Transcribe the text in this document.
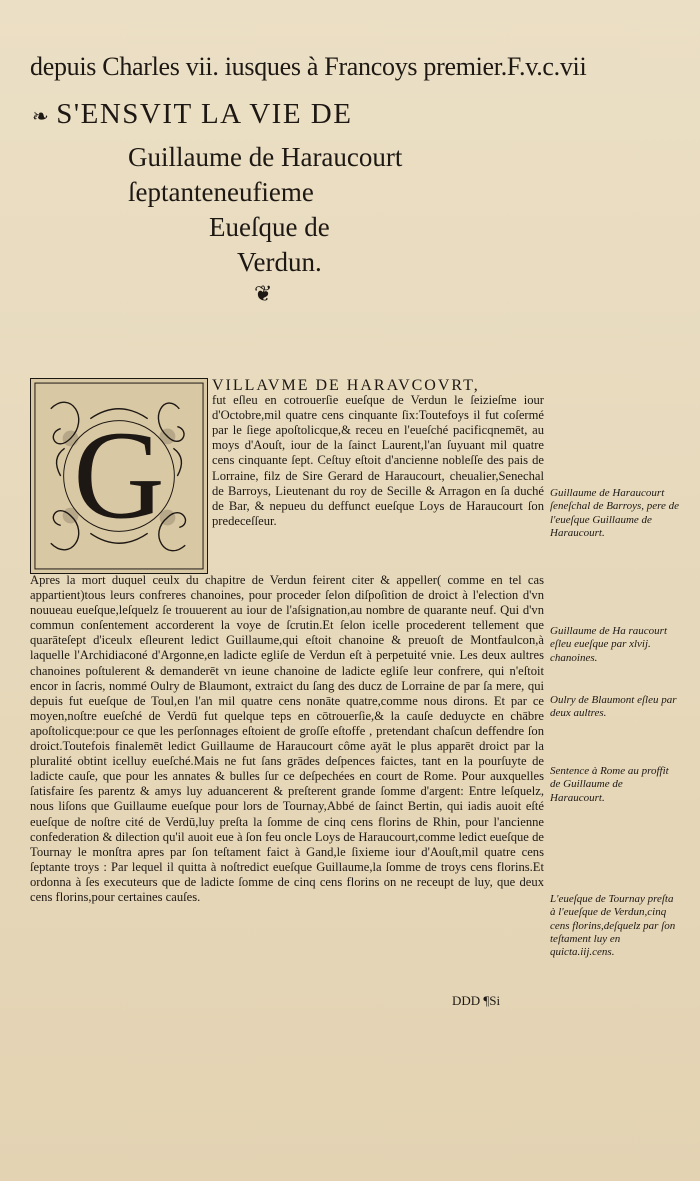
depuis Charles vii. iusques à Francoys premier.F.v.c.vii
❧ S'ENSVIT LA VIE DE
Guillaume de Haraucourt
ſeptanteneufieme
Eueſque de
Verdun.
❦
G
VILLAVME DE HARAVCOVRT,

fut eſleu en cotrouerſie eueſque de Verdun le ſeizieſme iour d'Octobre,mil quatre cens cinquante ſix:Toutefoys il fut coſermé par le ſiege apoſtolicque,& receu en l'eueſché pacificqnemēt, au moys d'Aouſt, iour de la ſainct Laurent,l'an ſuyuant mil quatre cens cinquante ſept. Ceſtuy eſtoit d'ancienne nobleſſe des pais de Lorraine, filz de Sire Gerard de Haraucourt, cheualier,Senechal de Barroys, Lieutenant du roy de Secille & Arragon en ſa duché de Bar, & nepueu du deffunct eueſque Loys de Haraucourt ſon predeceſſeur.

Apres la mort duquel ceulx du chapitre de Verdun feirent citer & appeller( comme en tel cas appartient)tous leurs confreres chanoines, pour proceder ſelon diſpoſition de droict à l'election d'vn nouueau eueſque,leſquelz ſe trouuerent au iour de l'aſsignation,au nombre de quarante neuf. Qui d'vn commun conſentement accorderent la voye de ſcrutin.Et ſelon icelle procederent tellement que quarāteſept d'iceulx eſleurent ledict Guillaume,qui eſtoit chanoine & preuoſt de Montfaulcon,à laquelle l'Archidiaconé d'Argonne,en ladicte egliſe de Verdun eſt à perpetuité vnie. Les deux aultres chanoines poſtulerent & demanderēt vn ieune chanoine de ladicte egliſe leur confrere, qui n'eſtoit encor in ſacris, nommé Oulry de Blaumont, extraict du ſang des ducz de Lorraine de par ſa mere, qui depuis fut eueſque de Toul,en l'an mil quatre cens nonāte quatre,comme nous dirons. Et par ce moyen,noſtre eueſché de Verdū fut quelque teps en cōtrouerſie,& la cauſe deduycte en chābre apoſtolicque:pour ce que les perſonnages eſtoient de groſſe eſtoffe , pretendant chaſcun deffendre ſon droict.Toutefois finalemēt ledict Guillaume de Haraucourt côme ayāt le plus apparēt droict par la pluralité obtint icelluy eueſché.Mais ne fut ſans grādes deſpences faictes, tant en la pourſuyte de ladicte cauſe, que pour les annates & bulles ſur ce deſpechées en court de Rome. Pour auxquelles ſatisfaire ſes parentz & amys luy aduancerent & preſterent grande ſomme d'argent: Entre leſquelz, nous liſons que Guillaume eueſque pour lors de Tournay,Abbé de ſainct Bertin, qui iadis auoit eſté eueſque de noſtre cité de Verdū,luy preſta la ſomme de cinq cens florins de Rhin, pour l'ancienne confederation & dilection qu'il auoit eue à ſon feu oncle Loys de Haraucourt,comme ledict eueſque de Tournay le monſtra apres par ſon teſtament faict à Gand,le ſixieme iour d'Aouſt,mil quatre cens ſeptante troys : Par lequel il quitta à noſtredict eueſque Guillaume,la ſomme de troys cens florins.Et ordonna à ſes executeurs que de ladicte ſomme de cinq cens florins on ne receupt de luy, que deux cens florins,pour certaines cauſes.

DDD ¶Si
Guillaume de Haraucourt ſeneſchal de Barroys, pere de l'eueſque Guillaume de Haraucourt.
Guillaume de Ha raucourt eſleu eueſque par xlvij. chanoines.
Oulry de Blaumont eſleu par deux aultres.
Sentence à Rome au proffit de Guillaume de Haraucourt.
L'eueſque de Tournay preſta à l'eueſque de Verdun,cinq cens florins,deſquelz par ſon teſtament luy en quicta.iij.cens.
